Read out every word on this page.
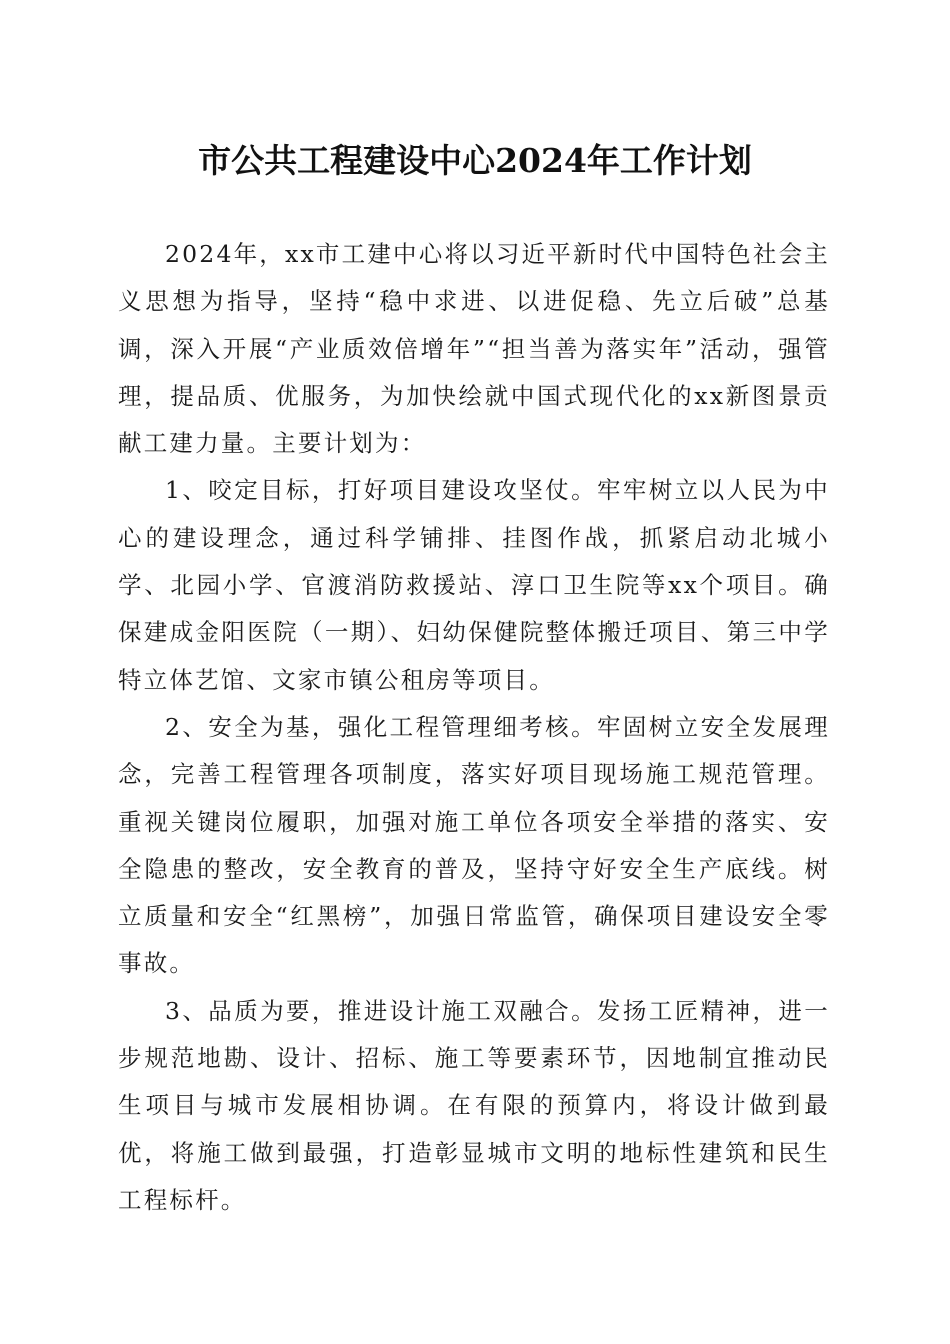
市公共工程建设中心2024年工作计划

2024年，xx市工建中心将以习近平新时代中国特色社会主义思想为指导，坚持“稳中求进、以进促稳、先立后破”总基调，深入开展“产业质效倍增年”“担当善为落实年”活动，强管理，提品质、优服务，为加快绘就中国式现代化的xx新图景贡献工建力量。主要计划为：

1、咬定目标，打好项目建设攻坚仗。牢牢树立以人民为中心的建设理念，通过科学铺排、挂图作战，抓紧启动北城小学、北园小学、官渡消防救援站、淳口卫生院等xx个项目。确保建成金阳医院（一期）、妇幼保健院整体搬迁项目、第三中学特立体艺馆、文家市镇公租房等项目。

2、安全为基，强化工程管理细考核。牢固树立安全发展理念，完善工程管理各项制度，落实好项目现场施工规范管理。重视关键岗位履职，加强对施工单位各项安全举措的落实、安全隐患的整改，安全教育的普及，坚持守好安全生产底线。树立质量和安全“红黑榜”，加强日常监管，确保项目建设安全零事故。

3、品质为要，推进设计施工双融合。发扬工匠精神，进一步规范地勘、设计、招标、施工等要素环节，因地制宜推动民生项目与城市发展相协调。在有限的预算内，将设计做到最优，将施工做到最强，打造彰显城市文明的地标性建筑和民生工程标杆。
